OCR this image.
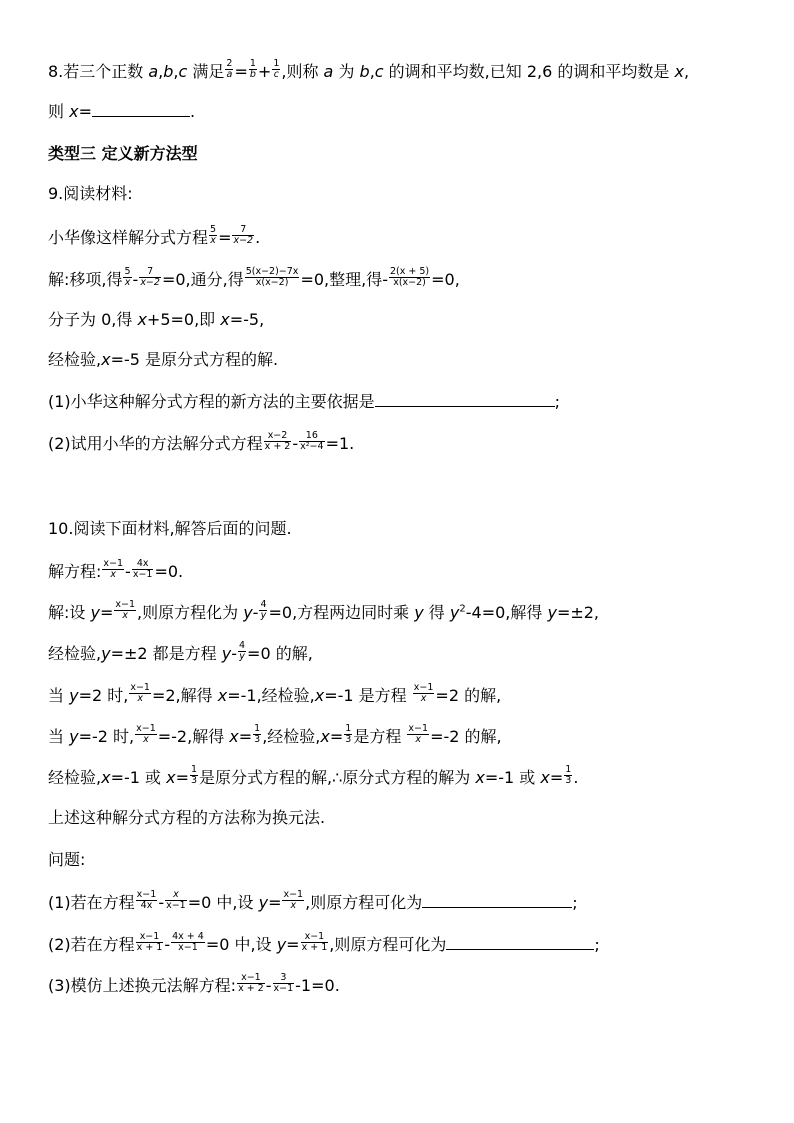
8.若三个正数 a,b,c 满足 $\frac{2}{a} = \frac{1}{b} + \frac{1}{c}$ ,则称 a 为 b,c 的调和平均数,已知 2,6 的调和平均数是 x,
则 x=	.
类型三 定义新方法型
9.阅读材料:
小华像这样解分式方程 $\frac{5}{x} = \frac{7}{x-2}$ .
解:移项,得 $\frac{5}{x} - \frac{7}{x-2} =0$,通分,得 $\frac{5(x-2)-7x}{x(x-2)} =0$,整理,得- $\frac{2(x + 5)}{x(x-2)} =0$,
分子为 0,得 x+5=0,即 x=-5,
经检验,x=-5 是原分式方程的解.
(1)小华这种解分式方程的新方法的主要依据是	;
(2)试用小华的方法解分式方程 $\frac{x-2}{x + 2} - \frac{16}{\text{x²−4}} =1$.
10.阅读下面材料,解答后面的问题.
解方程: $\frac{x-1}{x} - \frac{4x}{x-1} =0$.
解:设 $y= \frac{x-1}{x}$ ,则原方程化为 $y- \frac{4}{y} =0$,方程两边同时乘 y 得 $y^2-4=0$,解得 y=±2,
经检验,y=±2 都是方程 $y- \frac{4}{y} =0$ 的解,
当 y=2 时, $\frac{x-1}{x} =2$,解得 x=-1,经检验,x=-1 是方程 $\frac{x-1}{x} =2$ 的解,
当 y=-2 时, $\frac{x-1}{x} =-2$,解得 $x= \frac{1}{3}$ ,经检验$,x= \frac{1}{3}$ 是方程 $\frac{x-1}{x} =-2$ 的解,
经检验,x=-1 或 $x= \frac{1}{3}$ 是原分式方程的解,∴原分式方程的解为 x=-1 或 $x= \frac{1}{3}$ .
上述这种解分式方程的方法称为换元法.
问题:
(1)若在方程 $\frac{x-1}{4x} - \frac{x}{x-1} =0$ 中,设 $y= \frac{x-1}{x}$ ,则原方程可化为	;
(2)若在方程 $\frac{x-1}{x + 1} - \frac{4x + 4}{x-1} =0$ 中,设 $y= \frac{x-1}{x + 1}$ ,则原方程可化为	;
(3)模仿上述换元法解方程: $\frac{x-1}{x + 2} - \frac{3}{x-1} -1=0$.
